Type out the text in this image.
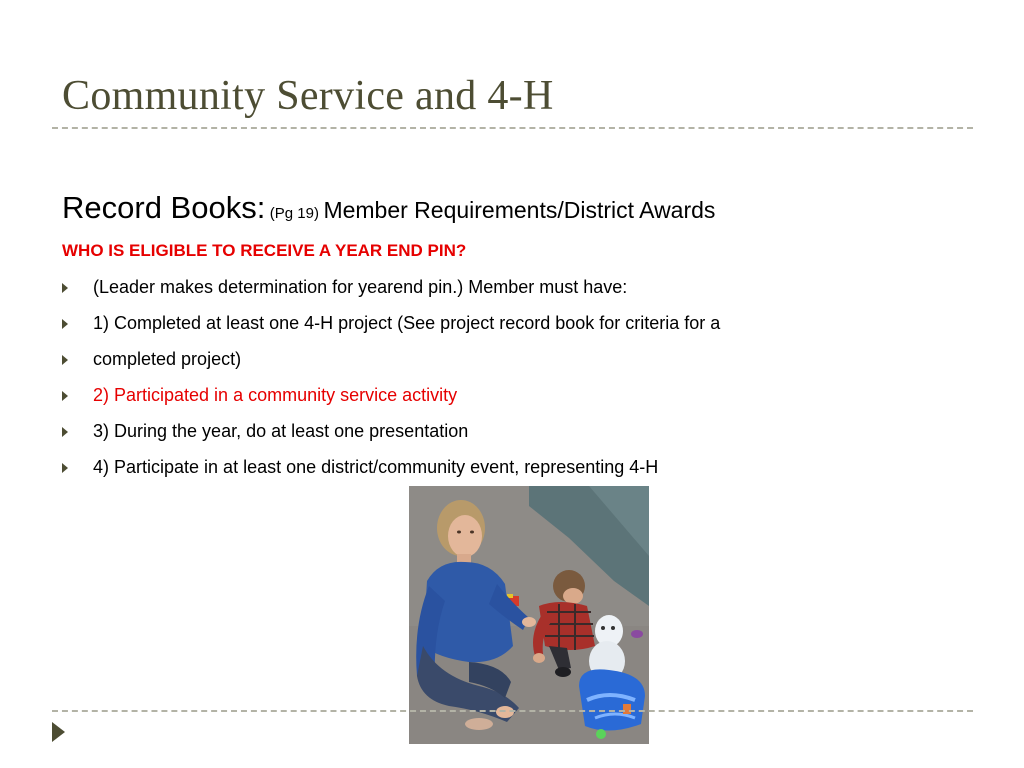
Community Service and 4-H
Record Books: (Pg 19) Member Requirements/District Awards
WHO IS ELIGIBLE TO RECEIVE A YEAR END PIN?
(Leader makes determination for yearend pin.) Member must have:
1) Completed at least one 4-H project (See project record book for criteria for a
completed project)
2) Participated in a community service activity
3) During the year, do at least one presentation
4) Participate in at least one district/community event, representing 4-H
